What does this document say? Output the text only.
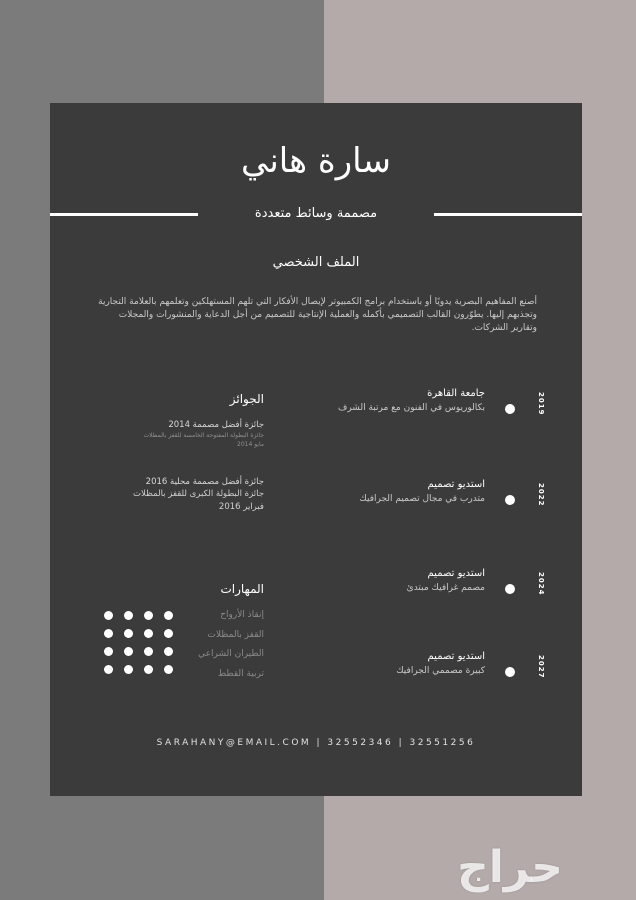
سارة هاني
مصممة وسائط متعددة
الملف الشخصي
أصنع المفاهيم البصرية يدويًا أو باستخدام برامج الكمبيوتر لإيصال الأفكار التي تلهم المستهلكين وتعلمهم بالعلامة التجارية وتجذبهم إليها. يطوّرون القالب التصميمي بأكمله والعملية الإنتاجية للتصميم من أجل الدعاية والمنشورات والمجلات وتقارير الشركات.
جامعة القاهرة
بكالوريوس في الفنون مع مرتبة الشرف	2019
استديو تصميم
متدرب في مجال تصميم الجرافيك	2022
استديو تصميم
مصمم غرافيك مبتدئ	2024
استديو تصميم
كبيرة مصممي الجرافيك	2027
الجوائز
جائزة أفضل مصممة 2014
جائزة البطولة المفتوحة الخامسة للقفز بالمظلات
مايو 2014
جائزة أفضل مصممة محلية 2016
جائزة البطولة الكبرى للقفز بالمظلات
فبراير 2016
المهارات
إنقاذ الأرواح
القفز بالمظلات
الطيران الشراعي
تربية القطط
SARAHANY@EMAIL.COM | 32552346 | 32551256
حراج
